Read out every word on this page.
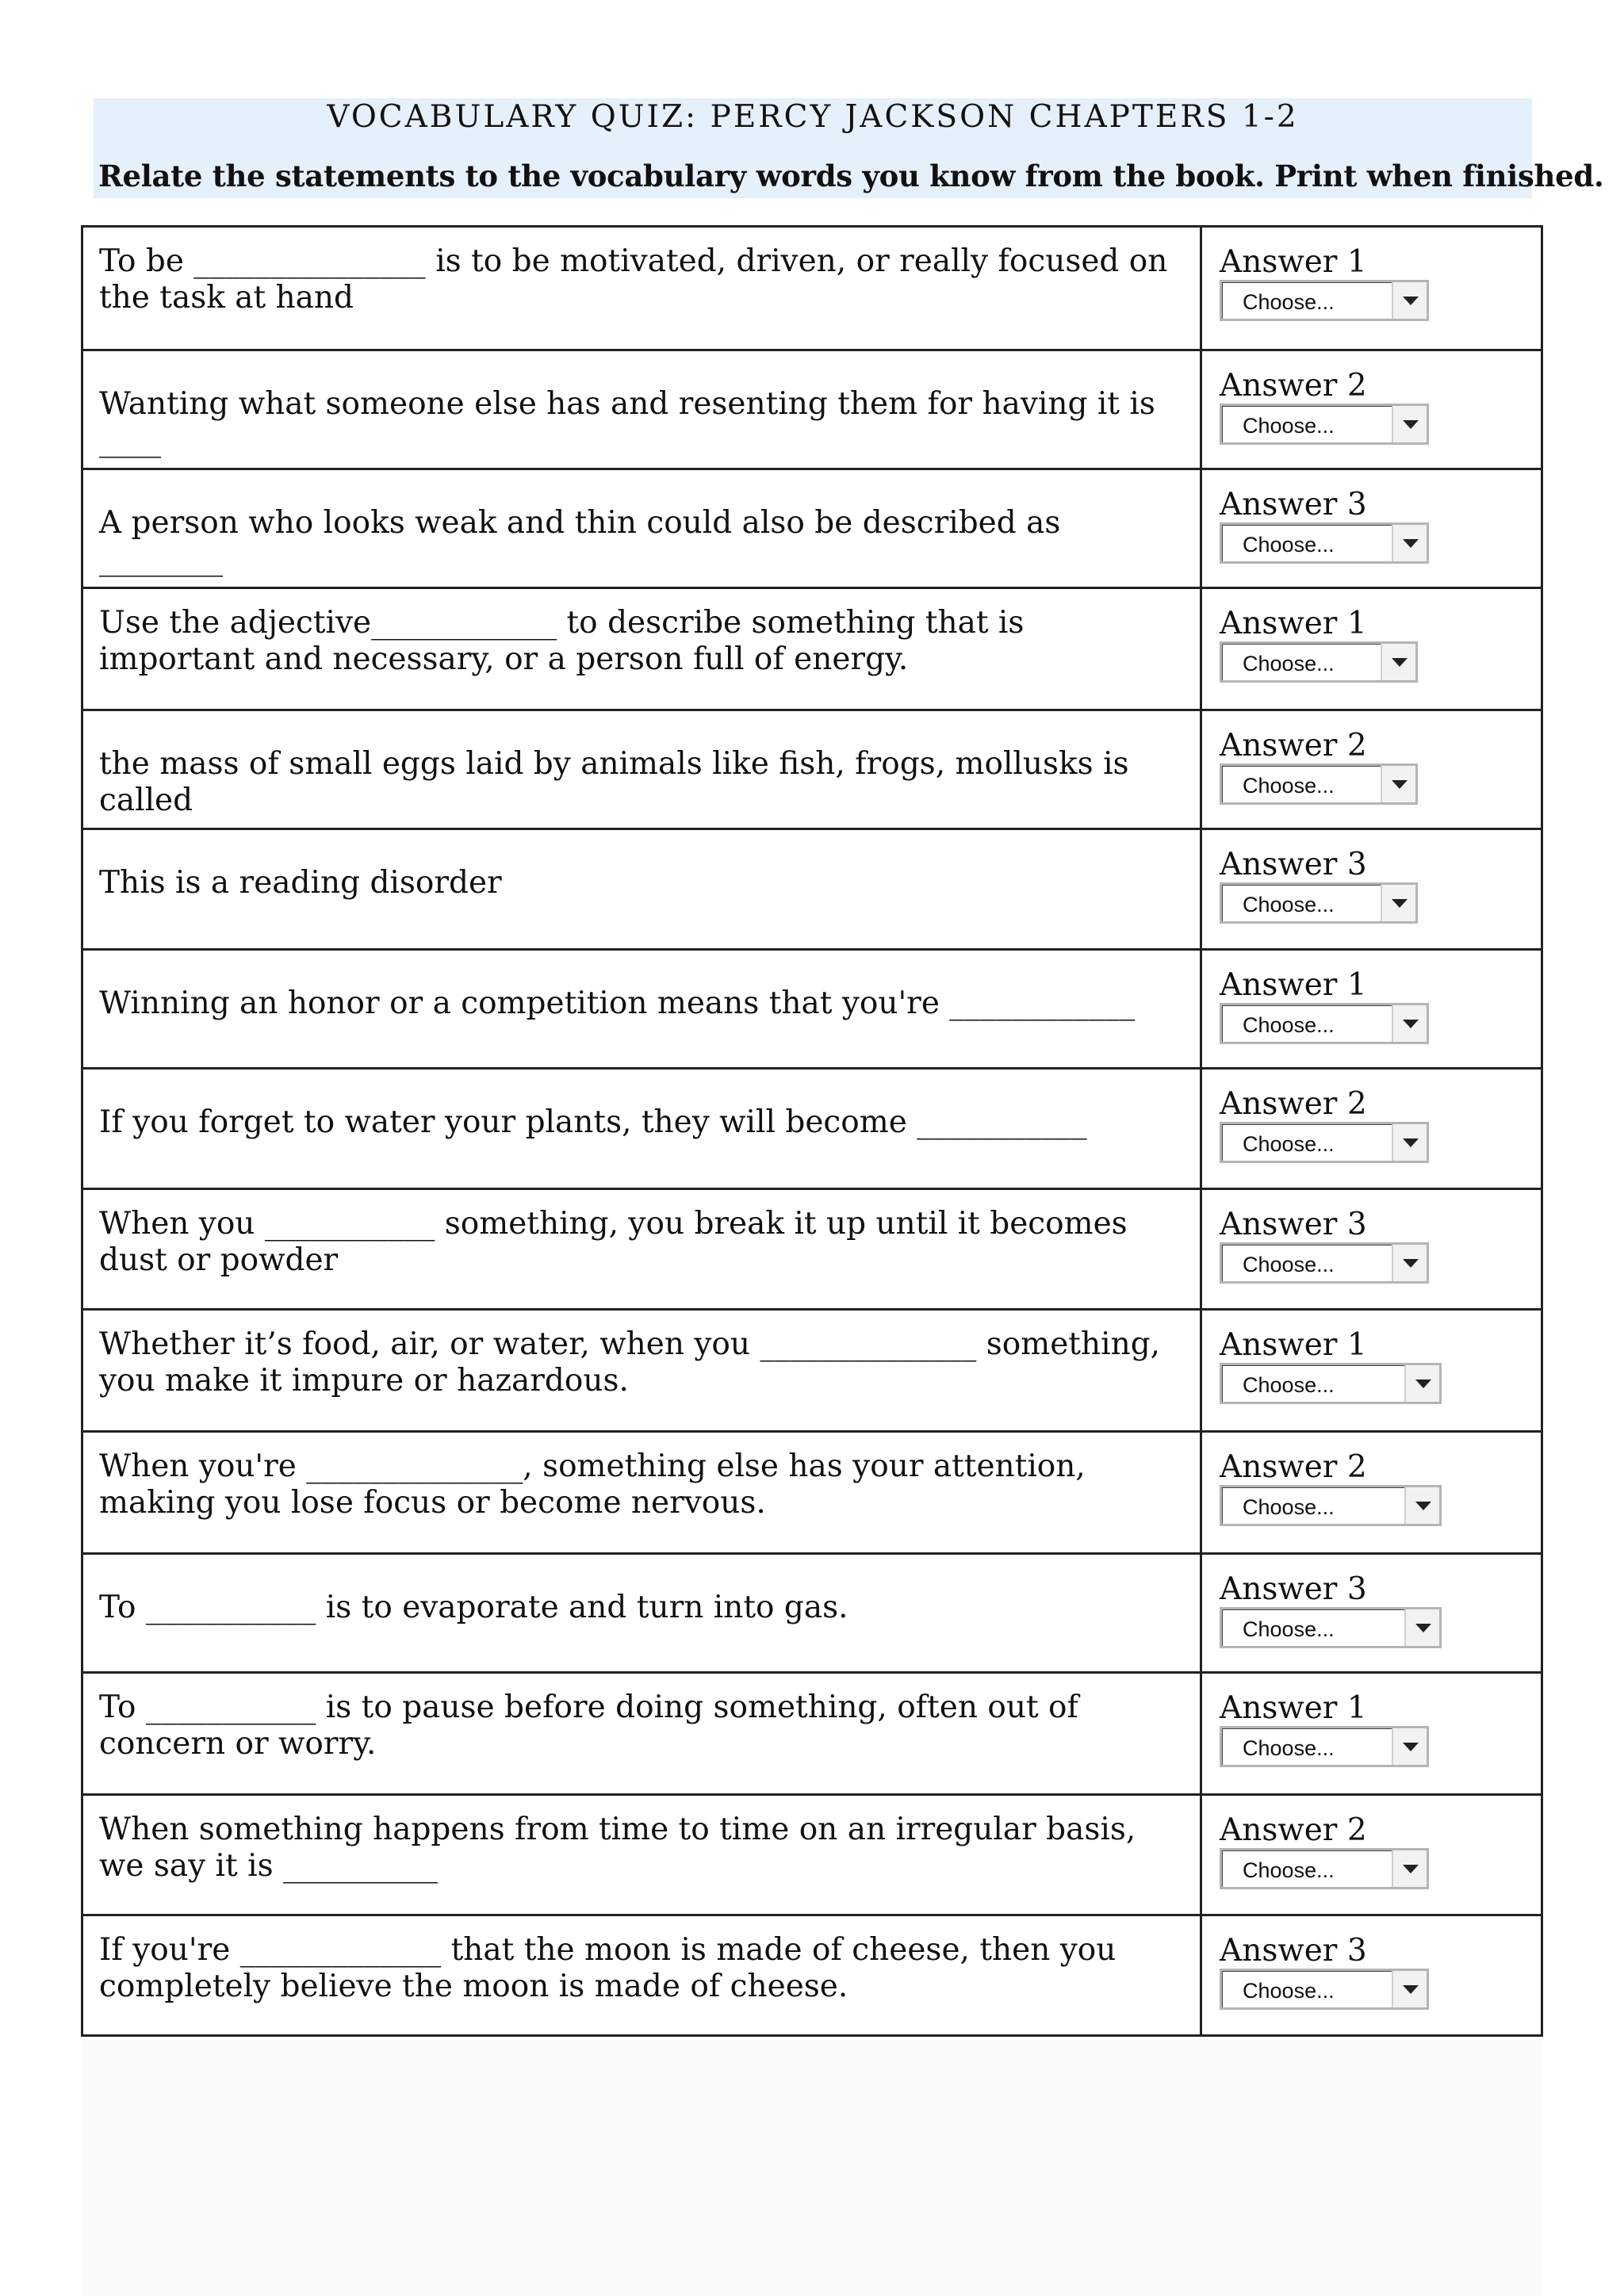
VOCABULARY QUIZ: PERCY JACKSON CHAPTERS 1-2
Relate the statements to the vocabulary words you know from the book. Print when finished.
To be _______________ is to be motivated, driven, or really focused on the task at hand	Answer 1
Choose...

Wanting what someone else has and resenting them for having it is ____	Answer 2
Choose...

A person who looks weak and thin could also be described as ________	Answer 3
Choose...

Use the adjective____________ to describe something that is important and necessary, or a person full of energy.	Answer 1
Choose...

the mass of small eggs laid by animals like fish, frogs, mollusks is called	Answer 2
Choose...

This is a reading disorder	Answer 3
Choose...

Winning an honor or a competition means that you're ____________	Answer 1
Choose...

If you forget to water your plants, they will become ___________	Answer 2
Choose...

When you ___________ something, you break it up until it becomes dust or powder	Answer 3
Choose...

Whether it’s food, air, or water, when you ______________ something, you make it impure or hazardous.	Answer 1
Choose...

When you're ______________, something else has your attention, making you lose focus or become nervous.	Answer 2
Choose...

To ___________ is to evaporate and turn into gas.	Answer 3
Choose...

To ___________ is to pause before doing something, often out of concern or worry.	Answer 1
Choose...

When something happens from time to time on an irregular basis, we say it is __________	Answer 2
Choose...

If you're _____________ that the moon is made of cheese, then you completely believe the moon is made of cheese.	Answer 3
Choose...
